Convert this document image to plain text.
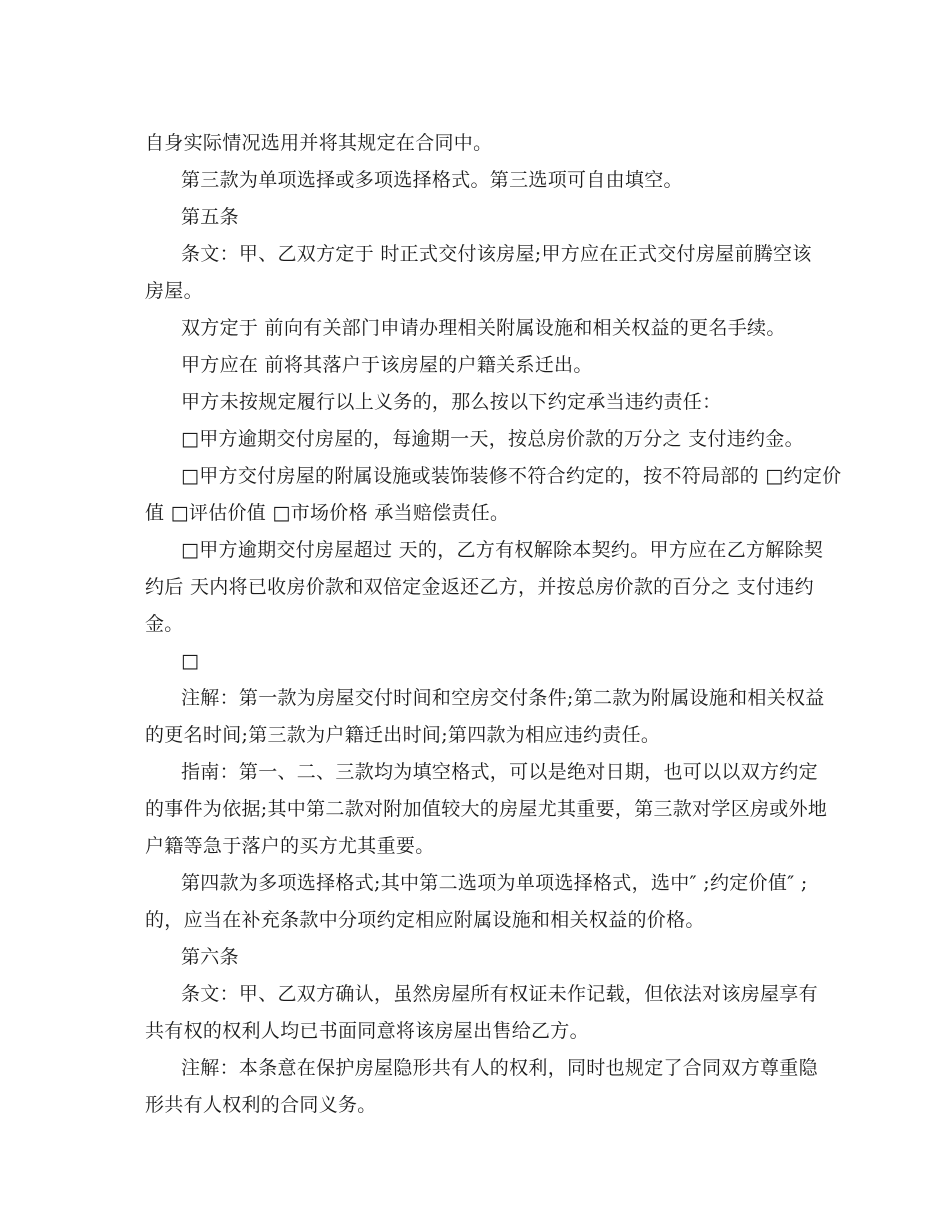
自身实际情况选用并将其规定在合同中。
第三款为单项选择或多项选择格式。第三选项可自由填空。
第五条
条文：甲、乙双方定于 时正式交付该房屋;甲方应在正式交付房屋前腾空该
房屋。
双方定于 前向有关部门申请办理相关附属设施和相关权益的更名手续。
甲方应在 前将其落户于该房屋的户籍关系迁出。
甲方未按规定履行以上义务的，那么按以下约定承当违约责任：
□甲方逾期交付房屋的，每逾期一天，按总房价款的万分之 支付违约金。
□甲方交付房屋的附属设施或装饰装修不符合约定的，按不符局部的 □约定价
值 □评估价值 □市场价格 承当赔偿责任。
□甲方逾期交付房屋超过 天的，乙方有权解除本契约。甲方应在乙方解除契
约后 天内将已收房价款和双倍定金返还乙方，并按总房价款的百分之 支付违约
金。
□
注解：第一款为房屋交付时间和空房交付条件;第二款为附属设施和相关权益
的更名时间;第三款为户籍迁出时间;第四款为相应违约责任。
指南：第一、二、三款均为填空格式，可以是绝对日期，也可以以双方约定
的事件为依据;其中第二款对附加值较大的房屋尤其重要，第三款对学区房或外地
户籍等急于落户的买方尤其重要。
第四款为多项选择格式;其中第二选项为单项选择格式，选中″ ;约定价值″ ;
的，应当在补充条款中分项约定相应附属设施和相关权益的价格。
第六条
条文：甲、乙双方确认，虽然房屋所有权证未作记载，但依法对该房屋享有
共有权的权利人均已书面同意将该房屋出售给乙方。
注解：本条意在保护房屋隐形共有人的权利，同时也规定了合同双方尊重隐
形共有人权利的合同义务。
